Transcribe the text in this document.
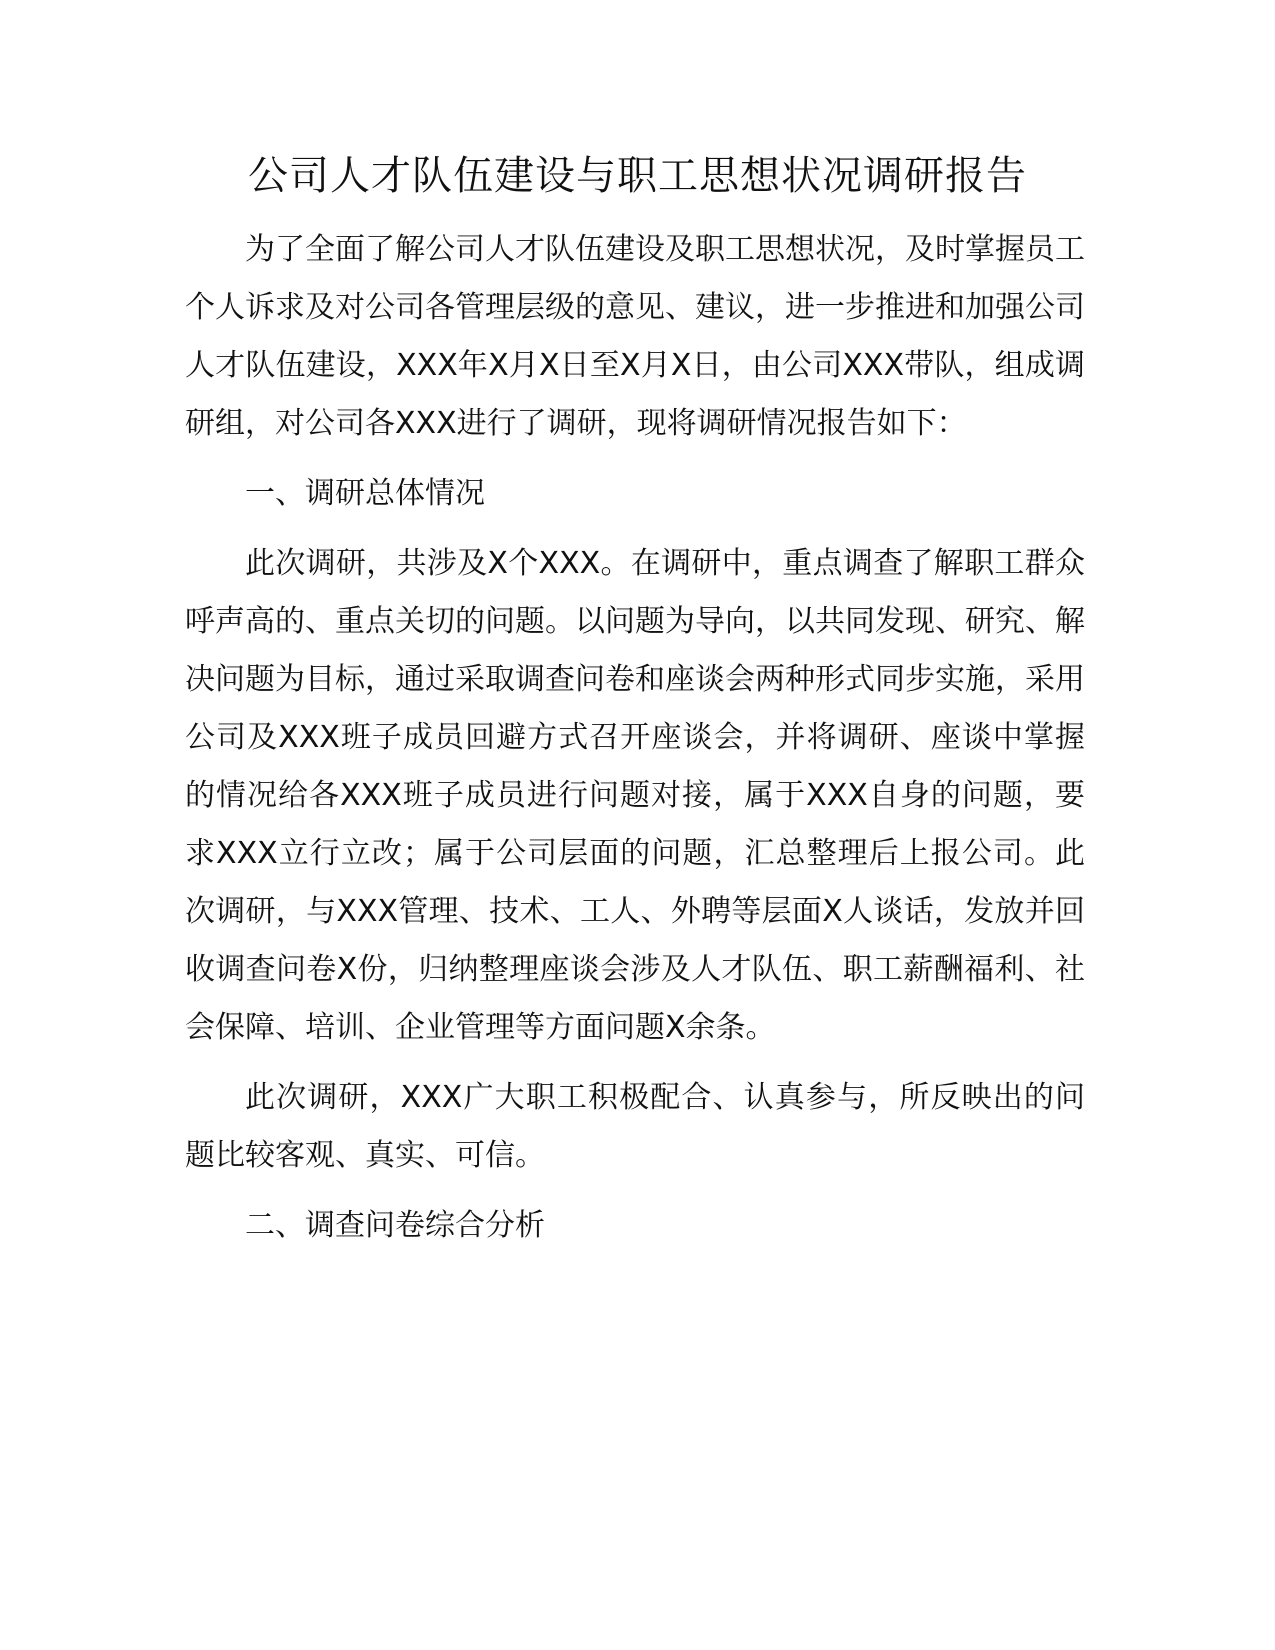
公司人才队伍建设与职工思想状况调研报告

为了全面了解公司人才队伍建设及职工思想状况，及时掌握员工个人诉求及对公司各管理层级的意见、建议，进一步推进和加强公司人才队伍建设，XXX年X月X日至X月X日，由公司XXX带队，组成调研组，对公司各XXX进行了调研，现将调研情况报告如下：

一、调研总体情况

此次调研，共涉及X个XXX。在调研中，重点调查了解职工群众呼声高的、重点关切的问题。以问题为导向，以共同发现、研究、解决问题为目标，通过采取调查问卷和座谈会两种形式同步实施，采用公司及XXX班子成员回避方式召开座谈会，并将调研、座谈中掌握的情况给各XXX班子成员进行问题对接，属于XXX自身的问题，要求XXX立行立改；属于公司层面的问题，汇总整理后上报公司。此次调研，与XXX管理、技术、工人、外聘等层面X人谈话，发放并回收调查问卷X份，归纳整理座谈会涉及人才队伍、职工薪酬福利、社会保障、培训、企业管理等方面问题X余条。

此次调研，XXX广大职工积极配合、认真参与，所反映出的问题比较客观、真实、可信。

二、调查问卷综合分析
